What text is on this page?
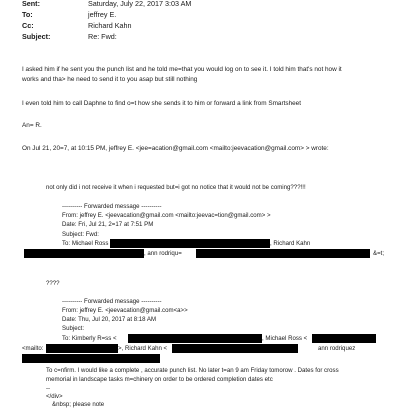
Sent:	Saturday, July 22, 2017 3:03 AM
To:	jeffrey E.
Cc:	Richard Kahn
Subject:	Re: Fwd:
I asked him if he sent you the punch list and he told me=that you would log on to see it. I told him that's not how it
works and tha> he need to send it to you asap but still nothing
I even told him to call Daphne to find o=t how she sends it to him or forward a link from Smartsheet
An= R.
On Jul 21, 20=7, at 10:15 PM, jeffrey E. <jee=acation@gmail.com <mailto:jeevacation@gmail.com> > wrote:
not only did i not receive it when i requested but=i got no notice that it would not be coming???!!!
---------- Forwarded message ----------
From: jeffrey E. <jeevacation@gmail.com <mailto:jeevac=tion@gmail.com> >
Date: Fri, Jul 21, 2=17 at 7:51 PM
Subject: Fwd:
To: Michael Ross	, Richard Kahn
, ann rodriqu=	&=t;
????
---------- Forwarded message ----------
From: jeffrey E. <jeevacation@gmail.com<a>>
Date: Thu, Jul 20, 2017 at 8:18 AM
Subject:
To: Kimberly R=ss <	, Michael Ross <
<mailto:	>, Richard Kahn <	ann rodriquez
To c=nfirm. I would like a complete , accurate punch list. No later t=an 9 am Friday tomorow . Dates for cross
memorial in landscape tasks m=chinery on order to be ordered completion dates etc
--
</div>
&nbsp; please note
